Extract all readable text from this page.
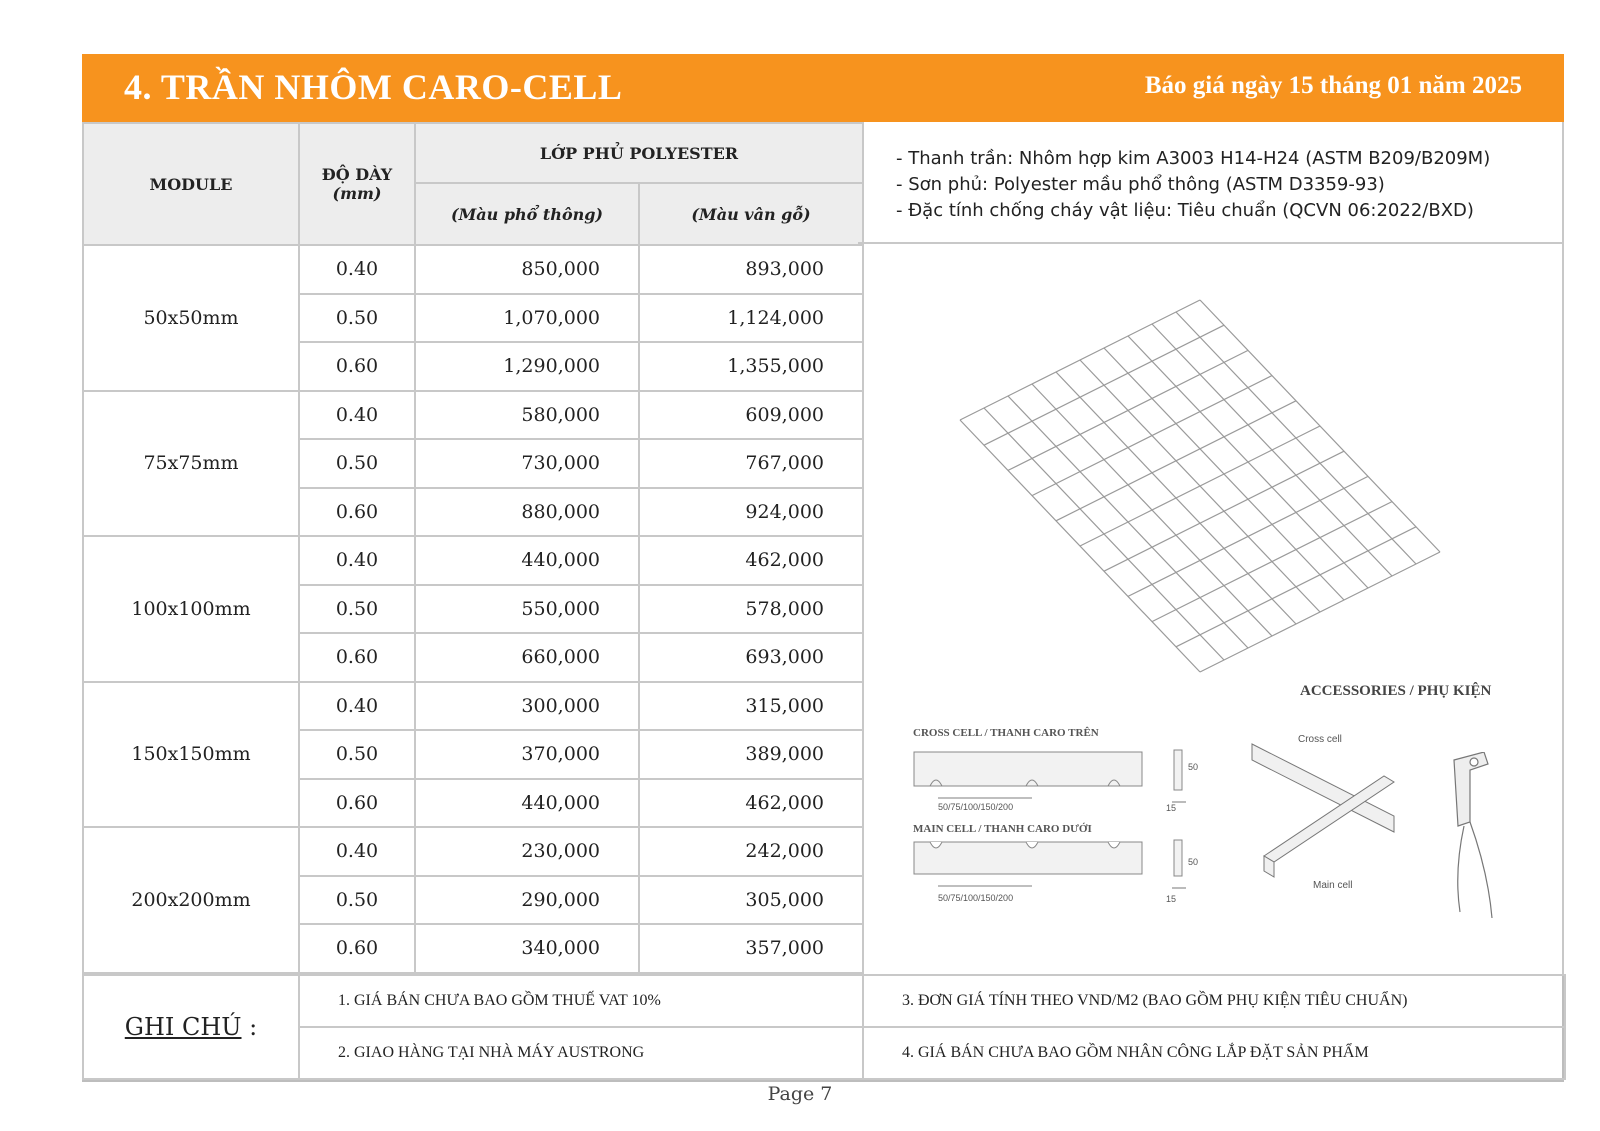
4. TRẦN NHÔM CARO-CELL	Báo giá ngày 15 tháng 01 năm 2025
MODULE	ĐỘ DÀY
(mm)	LỚP PHỦ POLYESTER	
		(Màu phổ thông)	(Màu vân gỗ)
50x50mm	0.40	850,000	893,000
	0.50	1,070,000	1,124,000
	0.60	1,290,000	1,355,000
75x75mm	0.40	580,000	609,000
	0.50	730,000	767,000
	0.60	880,000	924,000
100x100mm	0.40	440,000	462,000
	0.50	550,000	578,000
	0.60	660,000	693,000
150x150mm	0.40	300,000	315,000
	0.50	370,000	389,000
	0.60	440,000	462,000
200x200mm	0.40	230,000	242,000
	0.50	290,000	305,000
	0.60	340,000	357,000
- Thanh trần: Nhôm hợp kim A3003 H14-H24 (ASTM B209/B209M)
- Sơn phủ: Polyester mầu phổ thông (ASTM D3359-93)
- Đặc tính chống cháy vật liệu: Tiêu chuẩn (QCVN 06:2022/BXD)
ACCESSORIES / PHỤ KIỆN
CROSS CELL / THANH CARO TRÊN
MAIN CELL / THANH CARO DƯỚI
50/75/100/150/200
50/75/100/150/200
50
50
15
15
Cross cell
Main cell
GHI CHÚ :	1. GIÁ BÁN CHƯA BAO GỒM THUẾ VAT 10%	3. ĐƠN GIÁ TÍNH THEO VND/M2 (BAO GỒM PHỤ KIỆN TIÊU CHUẨN)
	2. GIAO HÀNG TẠI NHÀ MÁY AUSTRONG	4. GIÁ BÁN CHƯA BAO GỒM NHÂN CÔNG LẮP ĐẶT SẢN PHẨM
Page 7
